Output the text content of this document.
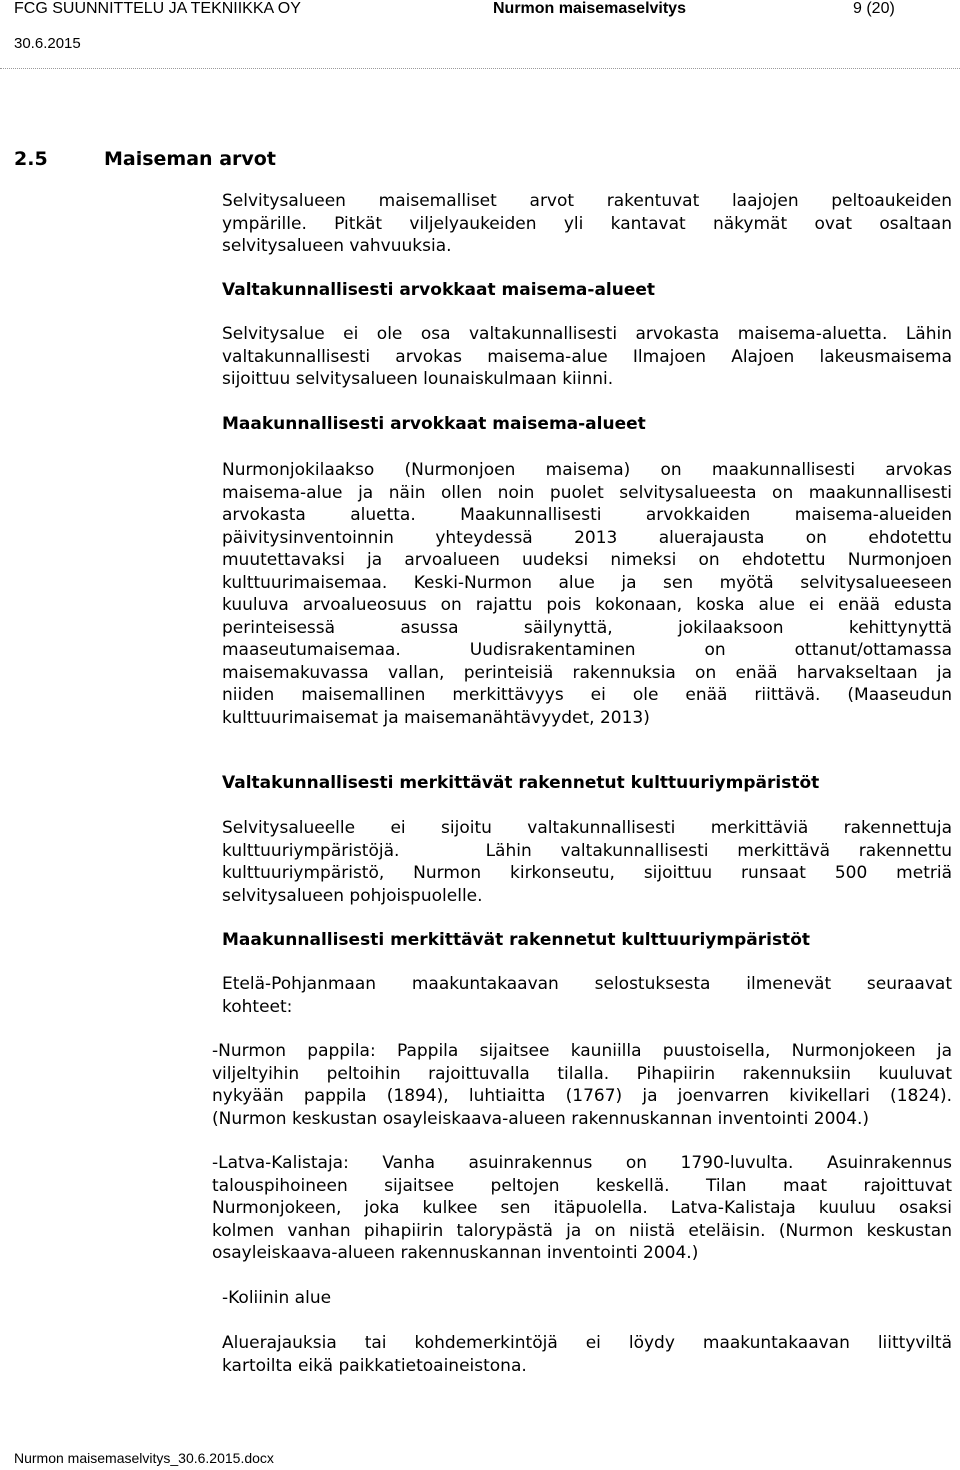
FCG SUUNNITTELU JA TEKNIIKKA OY	Nurmon maisemaselvitys	9 (20)
30.6.2015
2.5	Maiseman arvot
Selvitysalueen maisemalliset arvot rakentuvat laajojen peltoaukeiden
ympärille. Pitkät viljelyaukeiden yli kantavat näkymät ovat osaltaan
selvitysalueen vahvuuksia.
Valtakunnallisesti arvokkaat maisema-alueet
Selvitysalue ei ole osa valtakunnallisesti arvokasta maisema-aluetta. Lähin
valtakunnallisesti arvokas maisema-alue Ilmajoen Alajoen lakeusmaisema
sijoittuu selvitysalueen lounaiskulmaan kiinni.
Maakunnallisesti arvokkaat maisema-alueet
Nurmonjokilaakso (Nurmonjoen maisema) on maakunnallisesti arvokas
maisema-alue ja näin ollen noin puolet selvitysalueesta on maakunnallisesti
arvokasta aluetta. Maakunnallisesti arvokkaiden maisema-alueiden
päivitysinventoinnin yhteydessä 2013 aluerajausta on ehdotettu
muutettavaksi ja arvoalueen uudeksi nimeksi on ehdotettu Nurmonjoen
kulttuurimaisemaa. Keski-Nurmon alue ja sen myötä selvitysalueeseen
kuuluva arvoalueosuus on rajattu pois kokonaan, koska alue ei enää edusta
perinteisessä asussa säilynyttä, jokilaaksoon kehittynyttä
maaseutumaisemaa. Uudisrakentaminen on ottanut/ottamassa
maisemakuvassa vallan, perinteisiä rakennuksia on enää harvakseltaan ja
niiden maisemallinen merkittävyys ei ole enää riittävä. (Maaseudun
kulttuurimaisemat ja maisemanähtävyydet, 2013)
Valtakunnallisesti merkittävät rakennetut kulttuuriympäristöt
Selvitysalueelle ei sijoitu valtakunnallisesti merkittäviä rakennettuja
kulttuuriympäristöjä.   Lähin valtakunnallisesti merkittävä rakennettu
kulttuuriympäristö, Nurmon kirkonseutu, sijoittuu runsaat 500 metriä
selvitysalueen pohjoispuolelle.
Maakunnallisesti merkittävät rakennetut kulttuuriympäristöt
Etelä-Pohjanmaan maakuntakaavan selostuksesta ilmenevät seuraavat
kohteet:
-Nurmon pappila: Pappila sijaitsee kauniilla puustoisella, Nurmonjokeen ja
viljeltyihin peltoihin rajoittuvalla tilalla. Pihapiirin rakennuksiin kuuluvat
nykyään pappila (1894), luhtiaitta (1767) ja joenvarren kivikellari (1824).
(Nurmon keskustan osayleiskaava-alueen rakennuskannan inventointi 2004.)
-Latva-Kalistaja: Vanha asuinrakennus on 1790-luvulta. Asuinrakennus
talouspihoineen sijaitsee peltojen keskellä. Tilan maat rajoittuvat
Nurmonjokeen, joka kulkee sen itäpuolella. Latva-Kalistaja kuuluu osaksi
kolmen vanhan pihapiirin talorypästä ja on niistä eteläisin. (Nurmon keskustan
osayleiskaava-alueen rakennuskannan inventointi 2004.)
-Koliinin alue
Aluerajauksia tai kohdemerkintöjä ei löydy maakuntakaavan liittyviltä
kartoilta eikä paikkatietoaineistona.
Nurmon maisemaselvitys_30.6.2015.docx
